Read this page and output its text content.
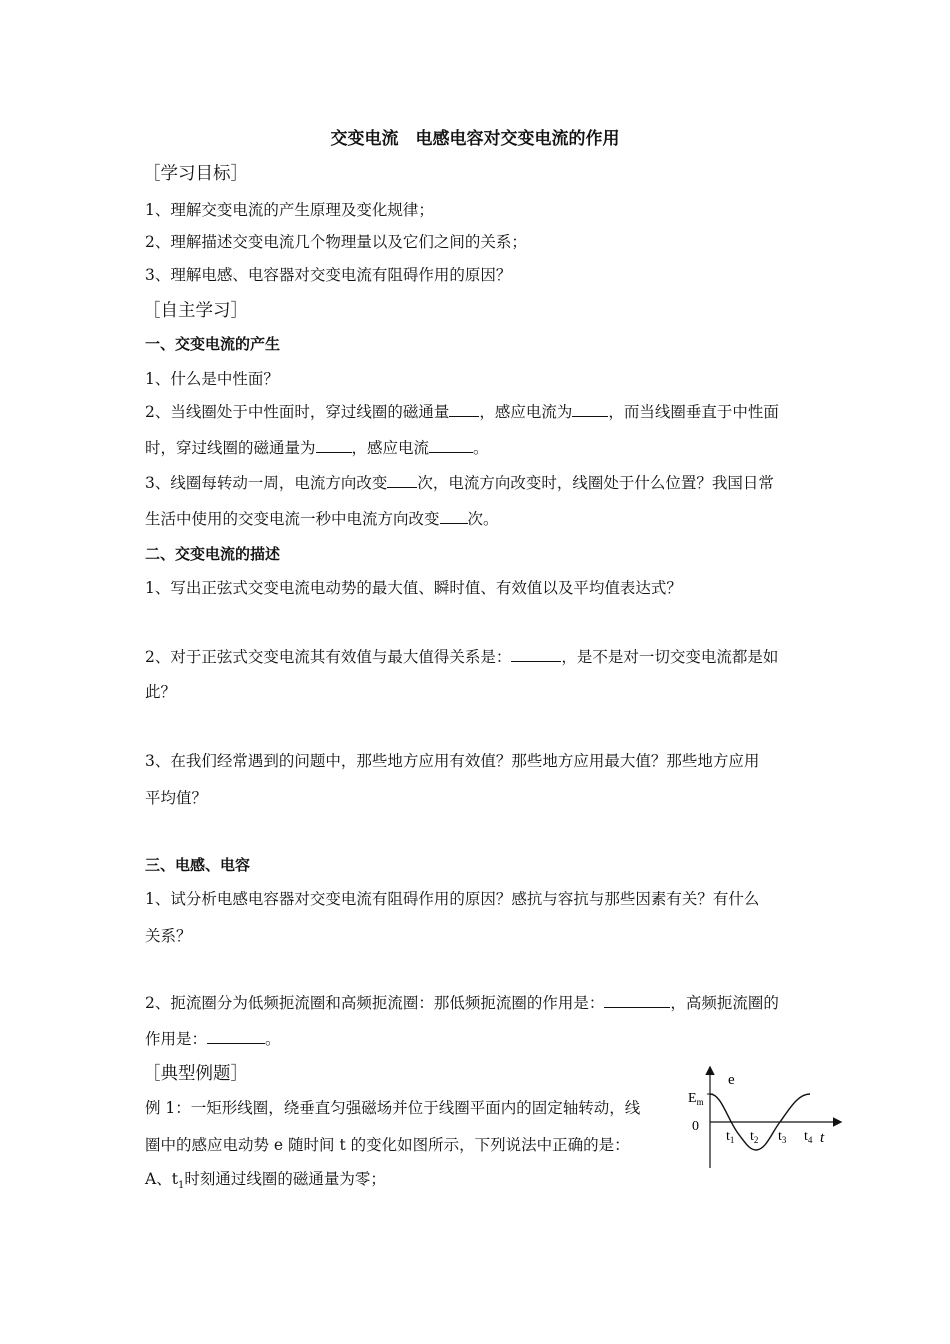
交变电流　电感电容对交变电流的作用
［学习目标］
1、理解交变电流的产生原理及变化规律；
2、理解描述交变电流几个物理量以及它们之间的关系；
3、理解电感、电容器对交变电流有阻碍作用的原因？
［自主学习］
一、交变电流的产生
1、什么是中性面？
2、当线圈处于中性面时，穿过线圈的磁通量 ，感应电流为 ，而当线圈垂直于中性面
时，穿过线圈的磁通量为 ，感应电流	。
3、线圈每转动一周，电流方向改变 次，电流方向改变时，线圈处于什么位置？我国日常
生活中使用的交变电流一秒中电流方向改变 次。
二、交变电流的描述
1、写出正弦式交变电流电动势的最大值、瞬时值、有效值以及平均值表达式？
2、对于正弦式交变电流其有效值与最大值得关系是：	，是不是对一切交变电流都是如
此？
3、在我们经常遇到的问题中，那些地方应用有效值？那些地方应用最大值？那些地方应用
平均值？
三、电感、电容
1、试分析电感电容器对交变电流有阻碍作用的原因？感抗与容抗与那些因素有关？有什么
关系？
2、扼流圈分为低频扼流圈和高频扼流圈：那低频扼流圈的作用是：	，高频扼流圈的
作用是：	。
［典型例题］
例 1：一矩形线圈，绕垂直匀强磁场并位于线圈平面内的固定轴转动，线
圈中的感应电动势 e 随时间 t 的变化如图所示，下列说法中正确的是：
A、$t_1$时刻通过线圈的磁通量为零；
e
t
$E_m$
0
$t_1$ $t_2$ $t_3$ $t_4$
